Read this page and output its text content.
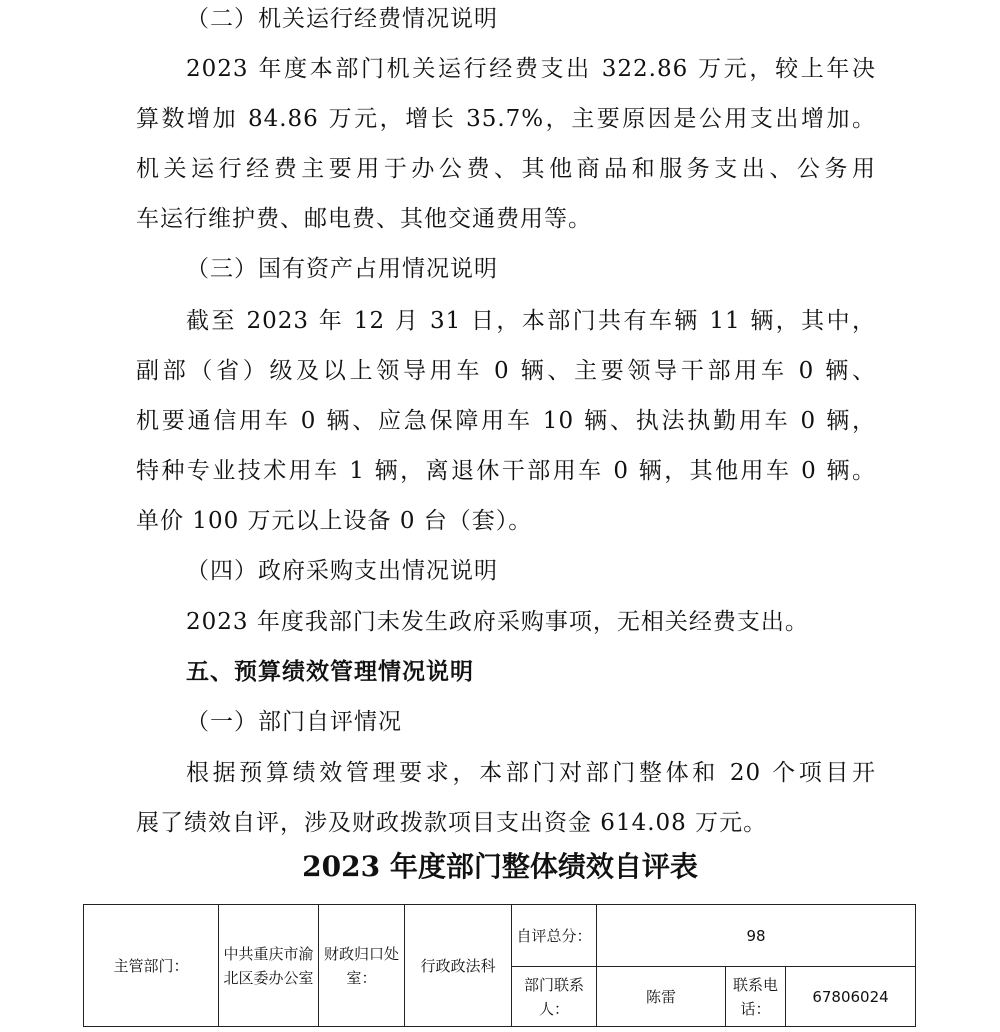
（二）机关运行经费情况说明
2023 年度本部门机关运行经费支出 322.86 万元，较上年决
算数增加 84.86 万元，增长 35.7%，主要原因是公用支出增加。
机关运行经费主要用于办公费、其他商品和服务支出、公务用
车运行维护费、邮电费、其他交通费用等。
（三）国有资产占用情况说明
截至 2023 年 12 月 31 日，本部门共有车辆 11 辆，其中，
副部（省）级及以上领导用车 0 辆、主要领导干部用车 0 辆、
机要通信用车 0 辆、应急保障用车 10 辆、执法执勤用车 0 辆，
特种专业技术用车 1 辆，离退休干部用车 0 辆，其他用车 0 辆。
单价 100 万元以上设备 0 台（套）。
（四）政府采购支出情况说明
2023 年度我部门未发生政府采购事项，无相关经费支出。
五、预算绩效管理情况说明
（一）部门自评情况
根据预算绩效管理要求，本部门对部门整体和 20 个项目开
展了绩效自评，涉及财政拨款项目支出资金 614.08 万元。
2023 年度部门整体绩效自评表
主管部门：	中共重庆市渝北区委办公室	财政归口处室：	行政政法科	自评总分：	98		
				部门联系人：	陈雷	联系电话：	67806024
